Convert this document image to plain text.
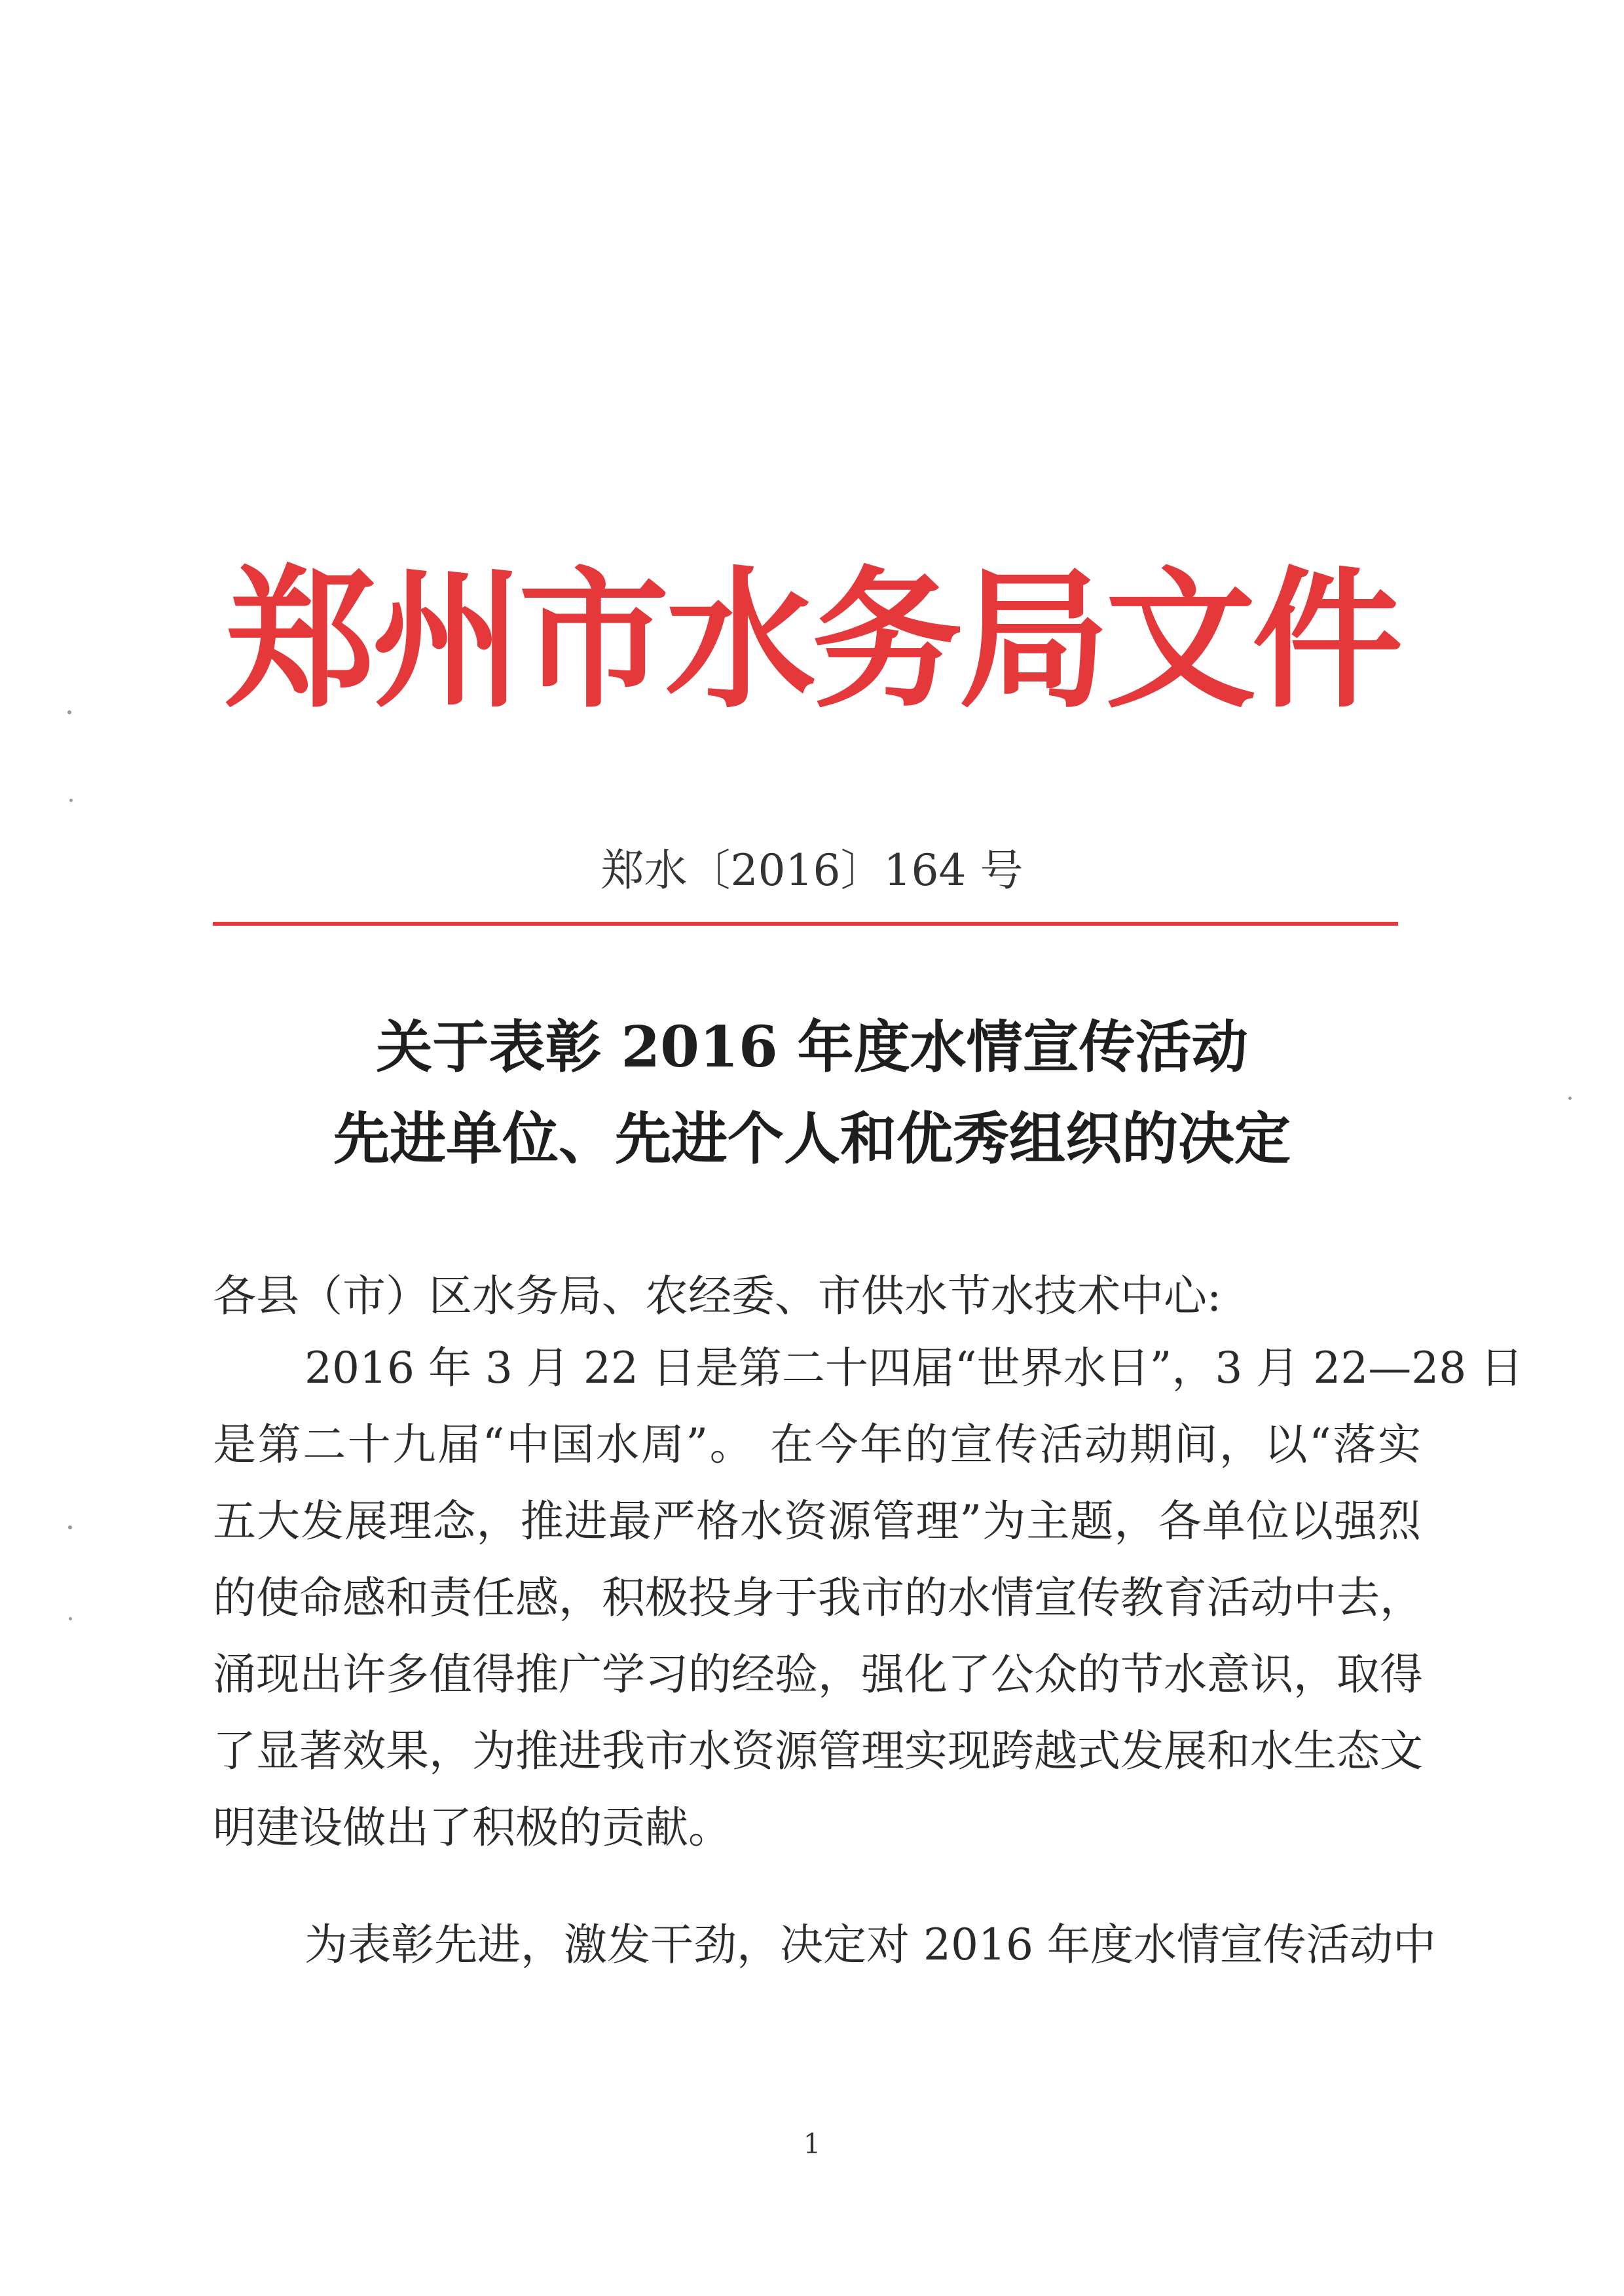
郑州市水务局文件
郑水〔2016〕164 号
关于表彰 2016 年度水情宣传活动
先进单位、先进个人和优秀组织的决定
各县（市）区水务局、农经委、市供水节水技术中心:
2016 年 3 月 22 日是第二十四届“世界水日”，3 月 22—28 日
是第二十九届“中国水周”。 在今年的宣传活动期间，以“落实
五大发展理念，推进最严格水资源管理”为主题，各单位以强烈
的使命感和责任感，积极投身于我市的水情宣传教育活动中去，
涌现出许多值得推广学习的经验，强化了公众的节水意识，取得
了显著效果，为推进我市水资源管理实现跨越式发展和水生态文
明建设做出了积极的贡献。
为表彰先进，激发干劲，决定对 2016 年度水情宣传活动中
1
